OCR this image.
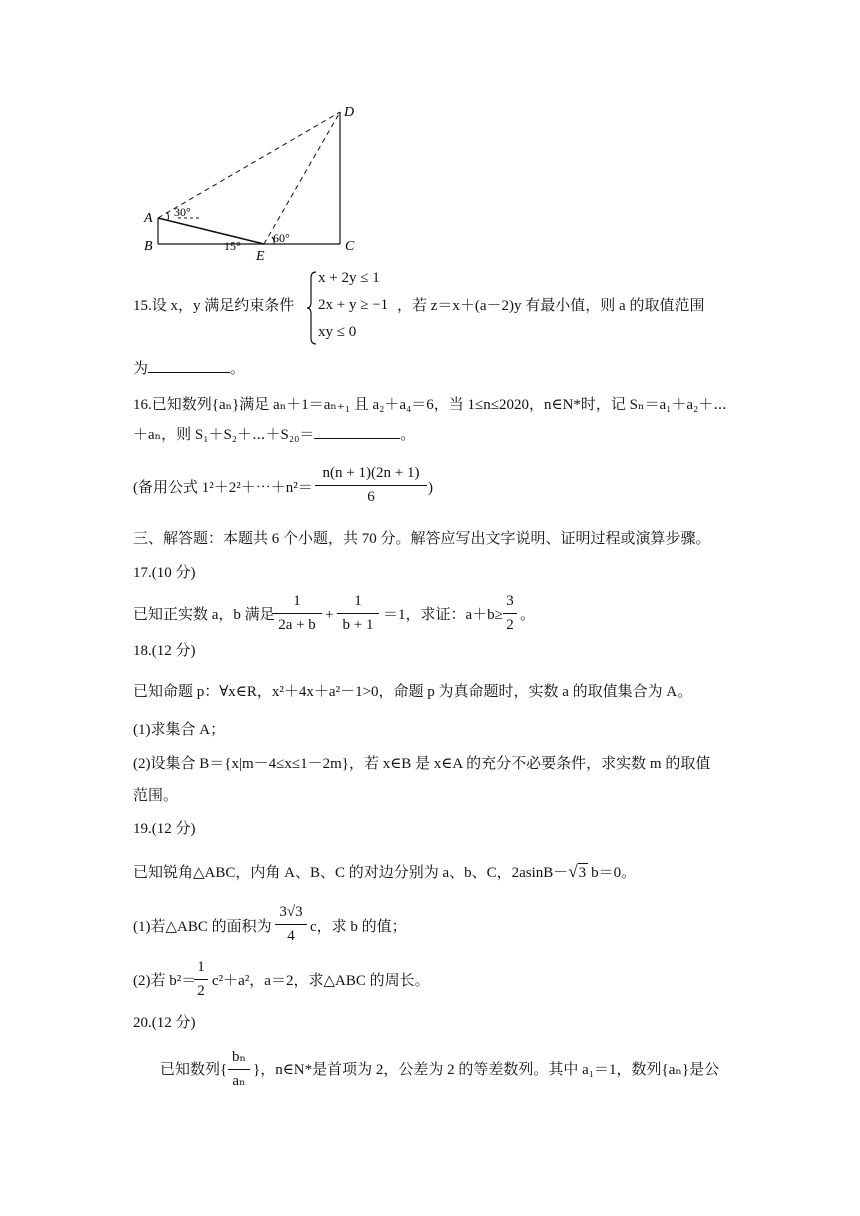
D
A
B	C
E
30°
15°
60°
15.设 x，y 满足约束条件
x + 2y ≤ 1
2x + y ≥ −1
xy ≤ 0
，若 z＝x＋(a－2)y 有最小值，则 a 的取值范围
为	。
16.已知数列{aₙ}满足 aₙ＋1＝aₙ₊₁ 且 a₂＋a₄＝6，当 1≤n≤2020，n∈N*时，记 Sₙ＝a₁＋a₂＋⋯
＋aₙ，则 S₁＋S₂＋⋯＋S₂₀＝	。
(备用公式 1²＋2²＋⋯＋n²＝
n(n + 1)(2n + 1)
6
)
三、解答题：本题共 6 个小题，共 70 分。解答应写出文字说明、证明过程或演算步骤。
17.(10 分)
已知正实数 a，b 满足
1
2a + b
+
1
b + 1
＝1，求证：a＋b≥
3
2
。
18.(12 分)
已知命题 p：∀x∈R，x²＋4x＋a²－1>0，命题 p 为真命题时，实数 a 的取值集合为 A。
(1)求集合 A；
(2)设集合 B＝{x|m－4≤x≤1－2m}，若 x∈B 是 x∈A 的充分不必要条件，求实数 m 的取值
范围。
19.(12 分)
已知锐角△ABC，内角 A、B、C 的对边分别为 a、b、C，2asinB－√3 b＝0。
(1)若△ABC 的面积为
3√3
4
c，求 b 的值；
(2)若 b²＝
1
2
c²＋a²，a＝2，求△ABC 的周长。
20.(12 分)
已知数列{
bₙ
aₙ
}，n∈N*是首项为 2，公差为 2 的等差数列。其中 a₁＝1，数列{aₙ}是公
